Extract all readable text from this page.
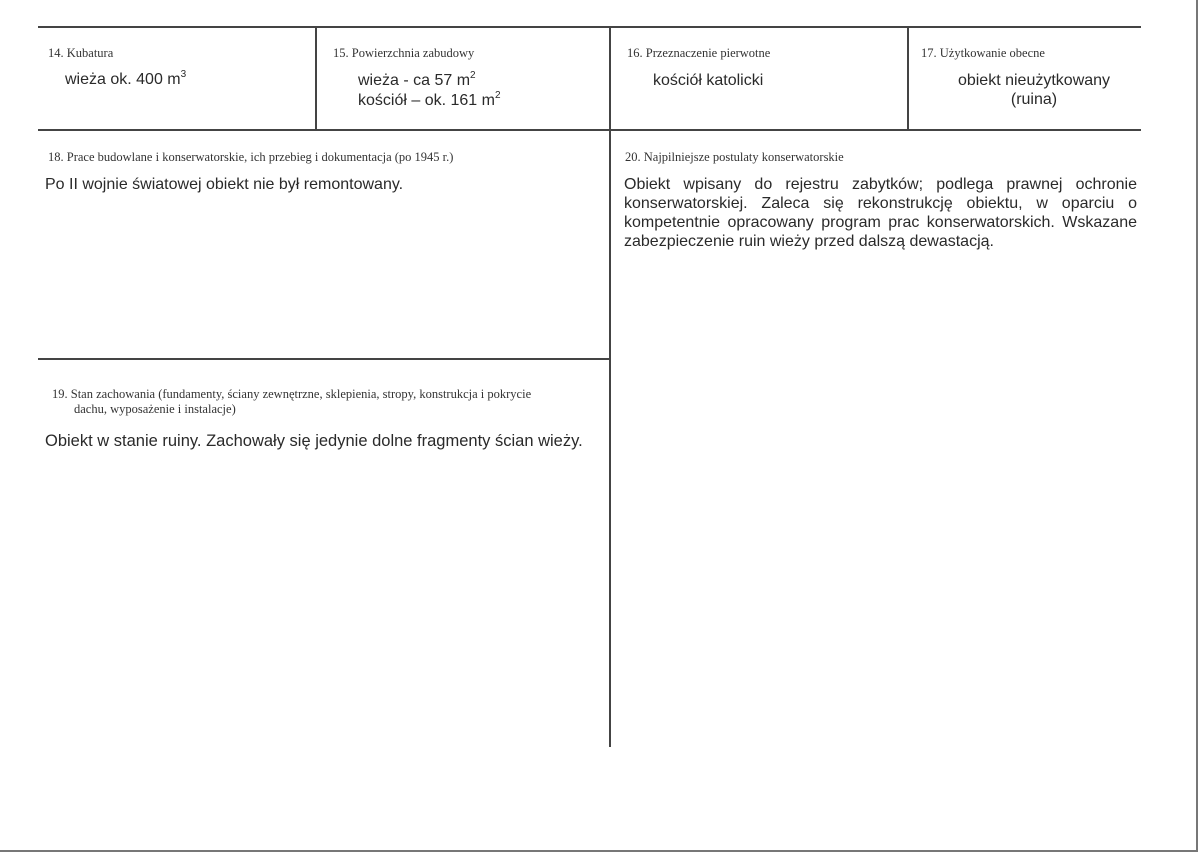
14. Kubatura
wieża ok. 400 $m^3$
15. Powierzchnia zabudowy
wieża - ca 57 $m^2$
kościół – ok. 161 $m^2$
16. Przeznaczenie pierwotne
kościół katolicki
17. Użytkowanie obecne
obiekt nieużytkowany
(ruina)
18. Prace budowlane i konserwatorskie, ich przebieg i dokumentacja (po 1945 r.)
Po II wojnie światowej obiekt nie był remontowany.
20. Najpilniejsze postulaty konserwatorskie
Obiekt wpisany do rejestru zabytków; podlega prawnej ochronie konserwatorskiej. Zaleca się rekonstrukcję obiektu, w oparciu o kompetentnie opracowany program prac konserwatorskich. Wskazane zabezpieczenie ruin wieży przed dalszą dewastacją.
19. Stan zachowania (fundamenty, ściany zewnętrzne, sklepienia, stropy, konstrukcja i pokrycie
dachu, wyposażenie i instalacje)
Obiekt w stanie ruiny. Zachowały się jedynie dolne fragmenty ścian wieży.
